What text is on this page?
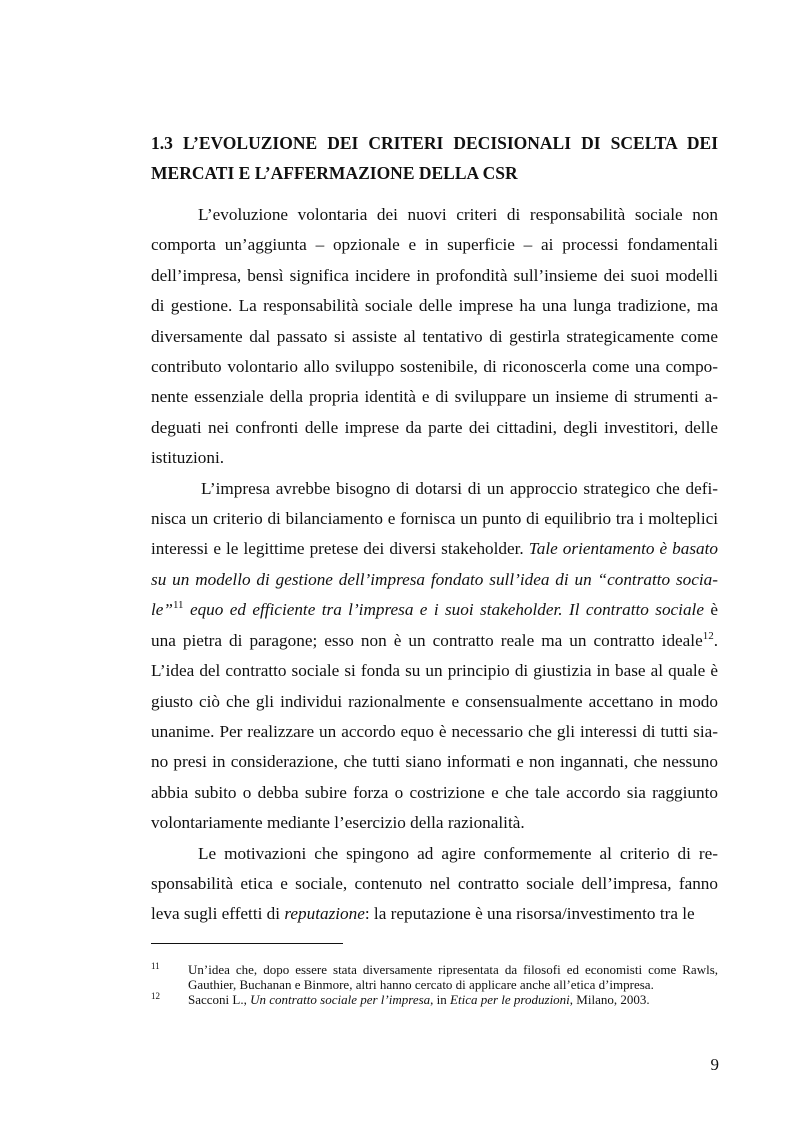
1.3 L’EVOLUZIONE DEI CRITERI DECISIONALI DI SCELTA DEI
MERCATI E L’AFFERMAZIONE DELLA CSR

L’evoluzione volontaria dei nuovi criteri di responsabilità sociale non comporta un’aggiunta – opzionale e in superficie – ai processi fondamentali dell’impresa, bensì significa incidere in profondità sull’insieme dei suoi modelli di gestione. La responsabilità sociale delle imprese ha una lunga tradizione, ma diversamente dal passato si assiste al tentativo di gestirla strategicamente come contributo volontario allo sviluppo sostenibile, di riconoscerla come una compo-nente essenziale della propria identità e di sviluppare un insieme di strumenti a-deguati nei confronti delle imprese da parte dei cittadini, degli investitori, delle istituzioni.

L’impresa avrebbe bisogno di dotarsi di un approccio strategico che defi-nisca un criterio di bilanciamento e fornisca un punto di equilibrio tra i molteplici interessi e le legittime pretese dei diversi stakeholder. Tale orientamento è basato su un modello di gestione dell’impresa fondato sull’idea di un “contratto socia-le”$^{11}$ equo ed efficiente tra l’impresa e i suoi stakeholder. Il contratto sociale è una pietra di paragone; esso non è un contratto reale ma un contratto ideale$^{12}$. L’idea del contratto sociale si fonda su un principio di giustizia in base al quale è giusto ciò che gli individui razionalmente e consensualmente accettano in modo unanime. Per realizzare un accordo equo è necessario che gli interessi di tutti sia-no presi in considerazione, che tutti siano informati e non ingannati, che nessuno abbia subito o debba subire forza o costrizione e che tale accordo sia raggiunto volontariamente mediante l’esercizio della razionalità.

Le motivazioni che spingono ad agire conformemente al criterio di re-sponsabilità etica e sociale, contenuto nel contratto sociale dell’impresa, fanno leva sugli effetti di reputazione: la reputazione è una risorsa/investimento tra le

11 Un’idea che, dopo essere stata diversamente ripresentata da filosofi ed economisti come Rawls, Gauthier, Buchanan e Binmore, altri hanno cercato di applicare anche all’etica d’impresa.
12 Sacconi L., Un contratto sociale per l’impresa, in Etica per le produzioni, Milano, 2003.
9
